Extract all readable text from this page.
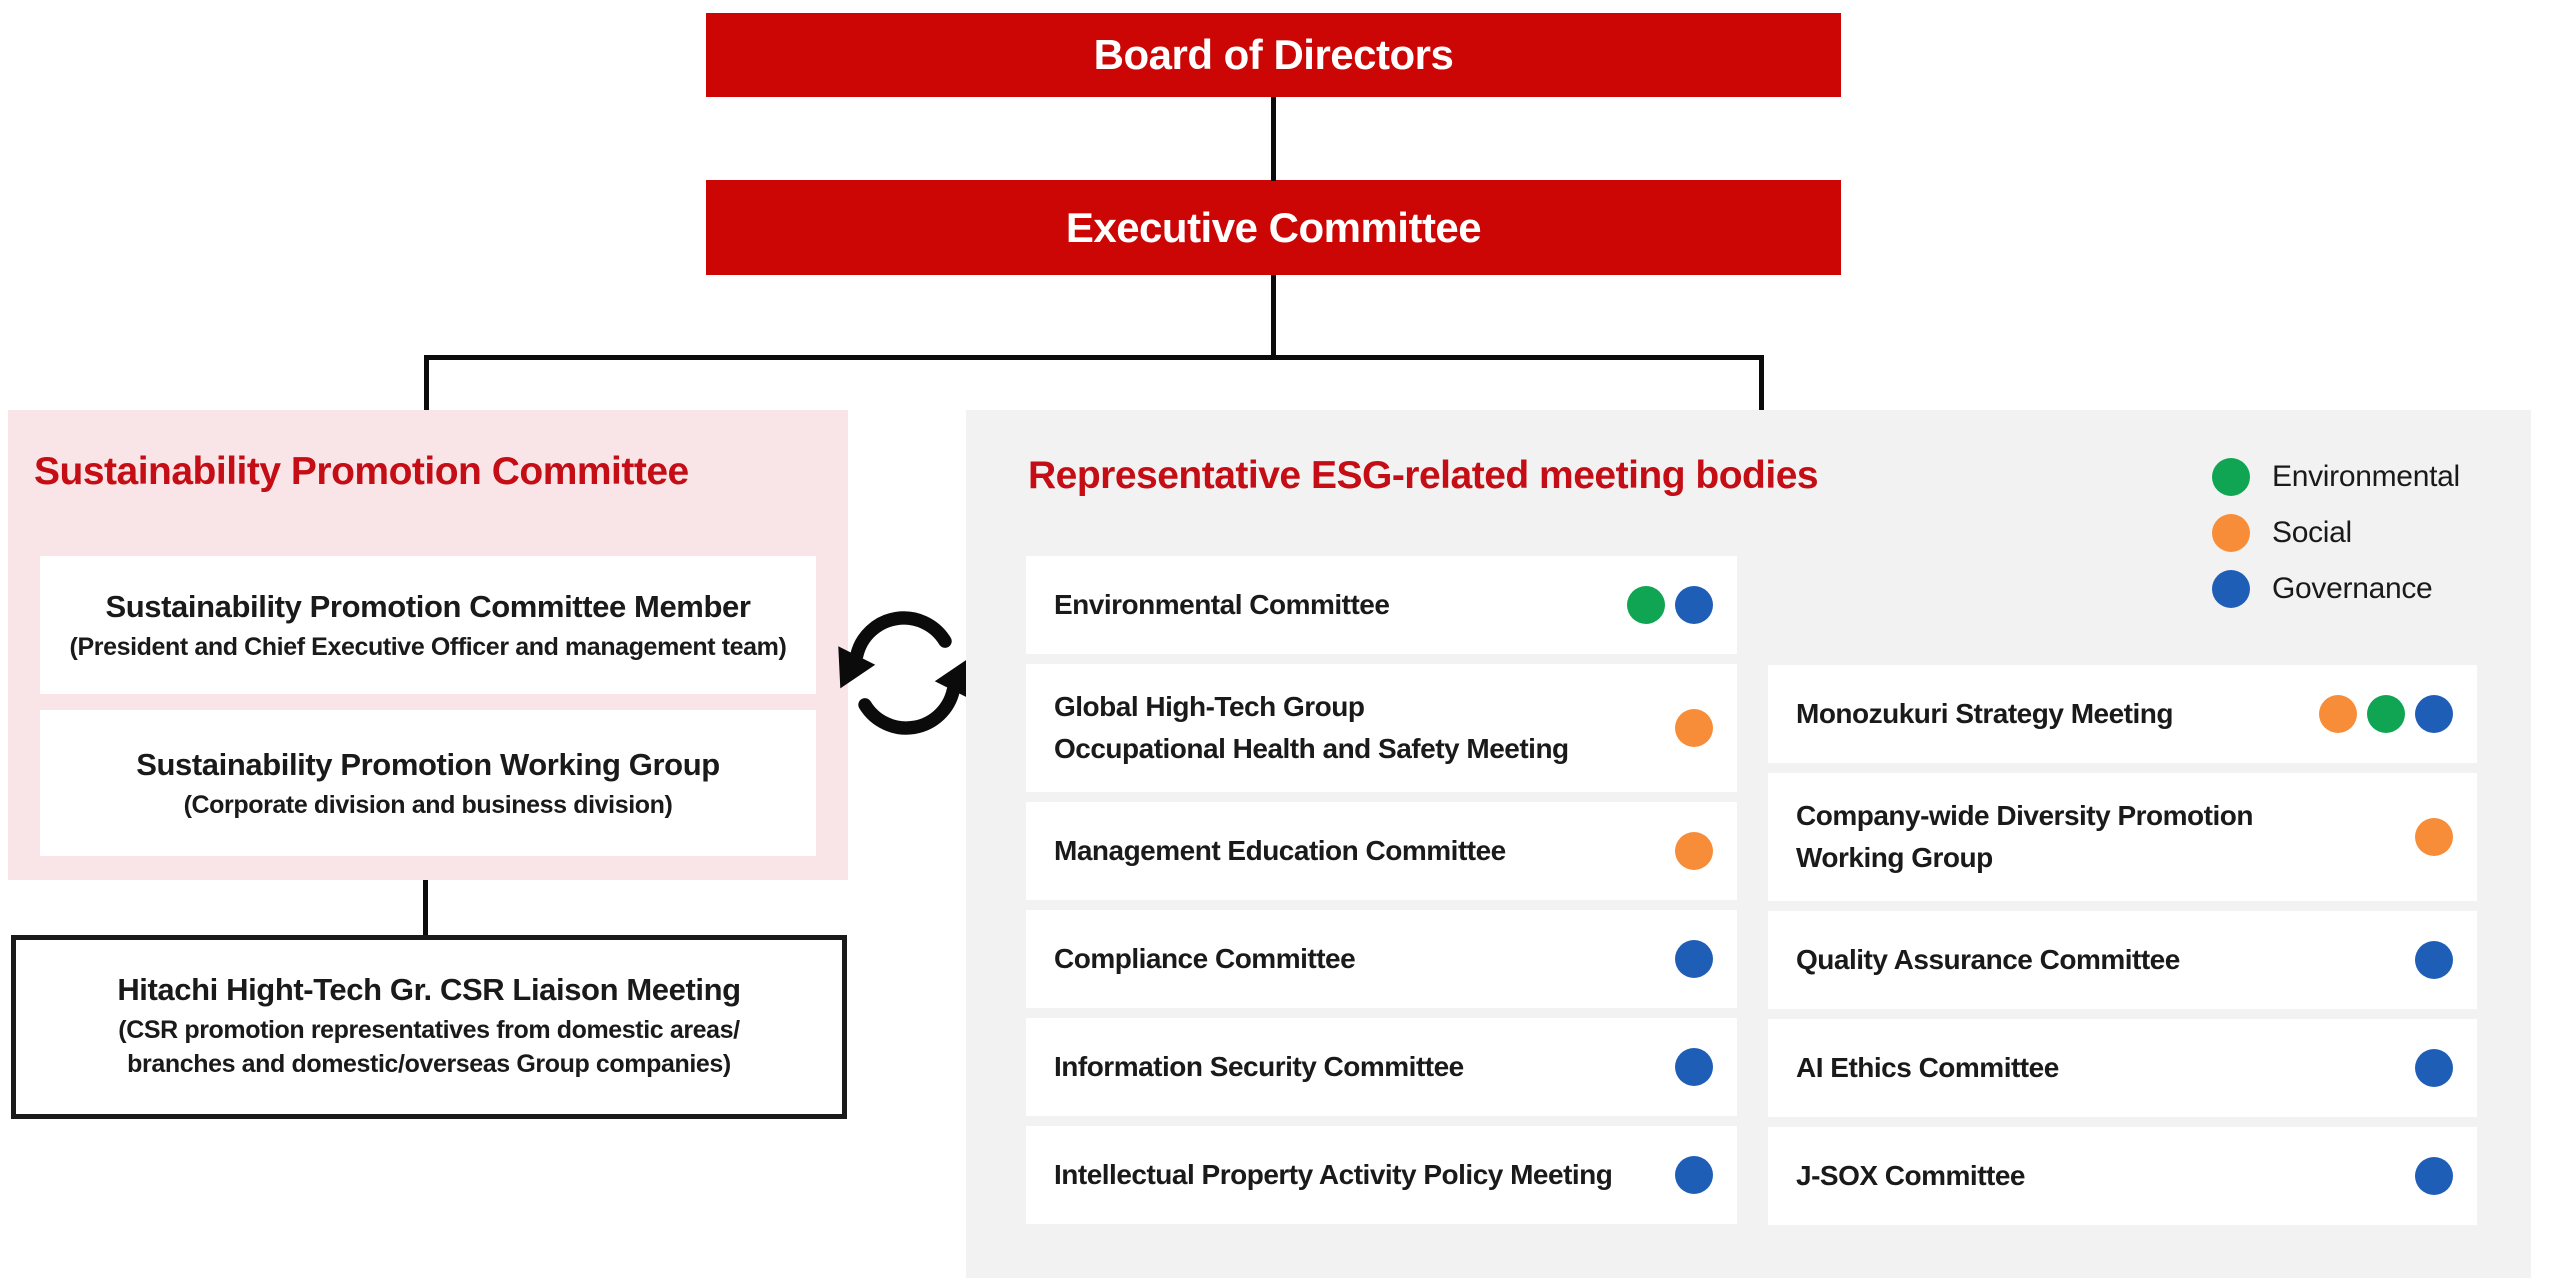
Board of Directors
Executive Committee
Sustainability Promotion Committee
Sustainability Promotion Committee Member
(President and Chief Executive Officer and management team)
Sustainability Promotion Working Group
(Corporate division and business division)
Hitachi Hight-Tech Gr. CSR Liaison Meeting
(CSR promotion representatives from domestic areas/
branches and domestic/overseas Group companies)
Representative ESG-related meeting bodies	Environmental
Social
Governance
Environmental Committee
Global High-Tech Group
Occupational Health and Safety Meeting
Management Education Committee
Compliance Committee
Information Security Committee
Intellectual Property Activity Policy Meeting
Monozukuri Strategy Meeting
Company-wide Diversity Promotion
Working Group
Quality Assurance Committee
AI Ethics Committee
J-SOX Committee
